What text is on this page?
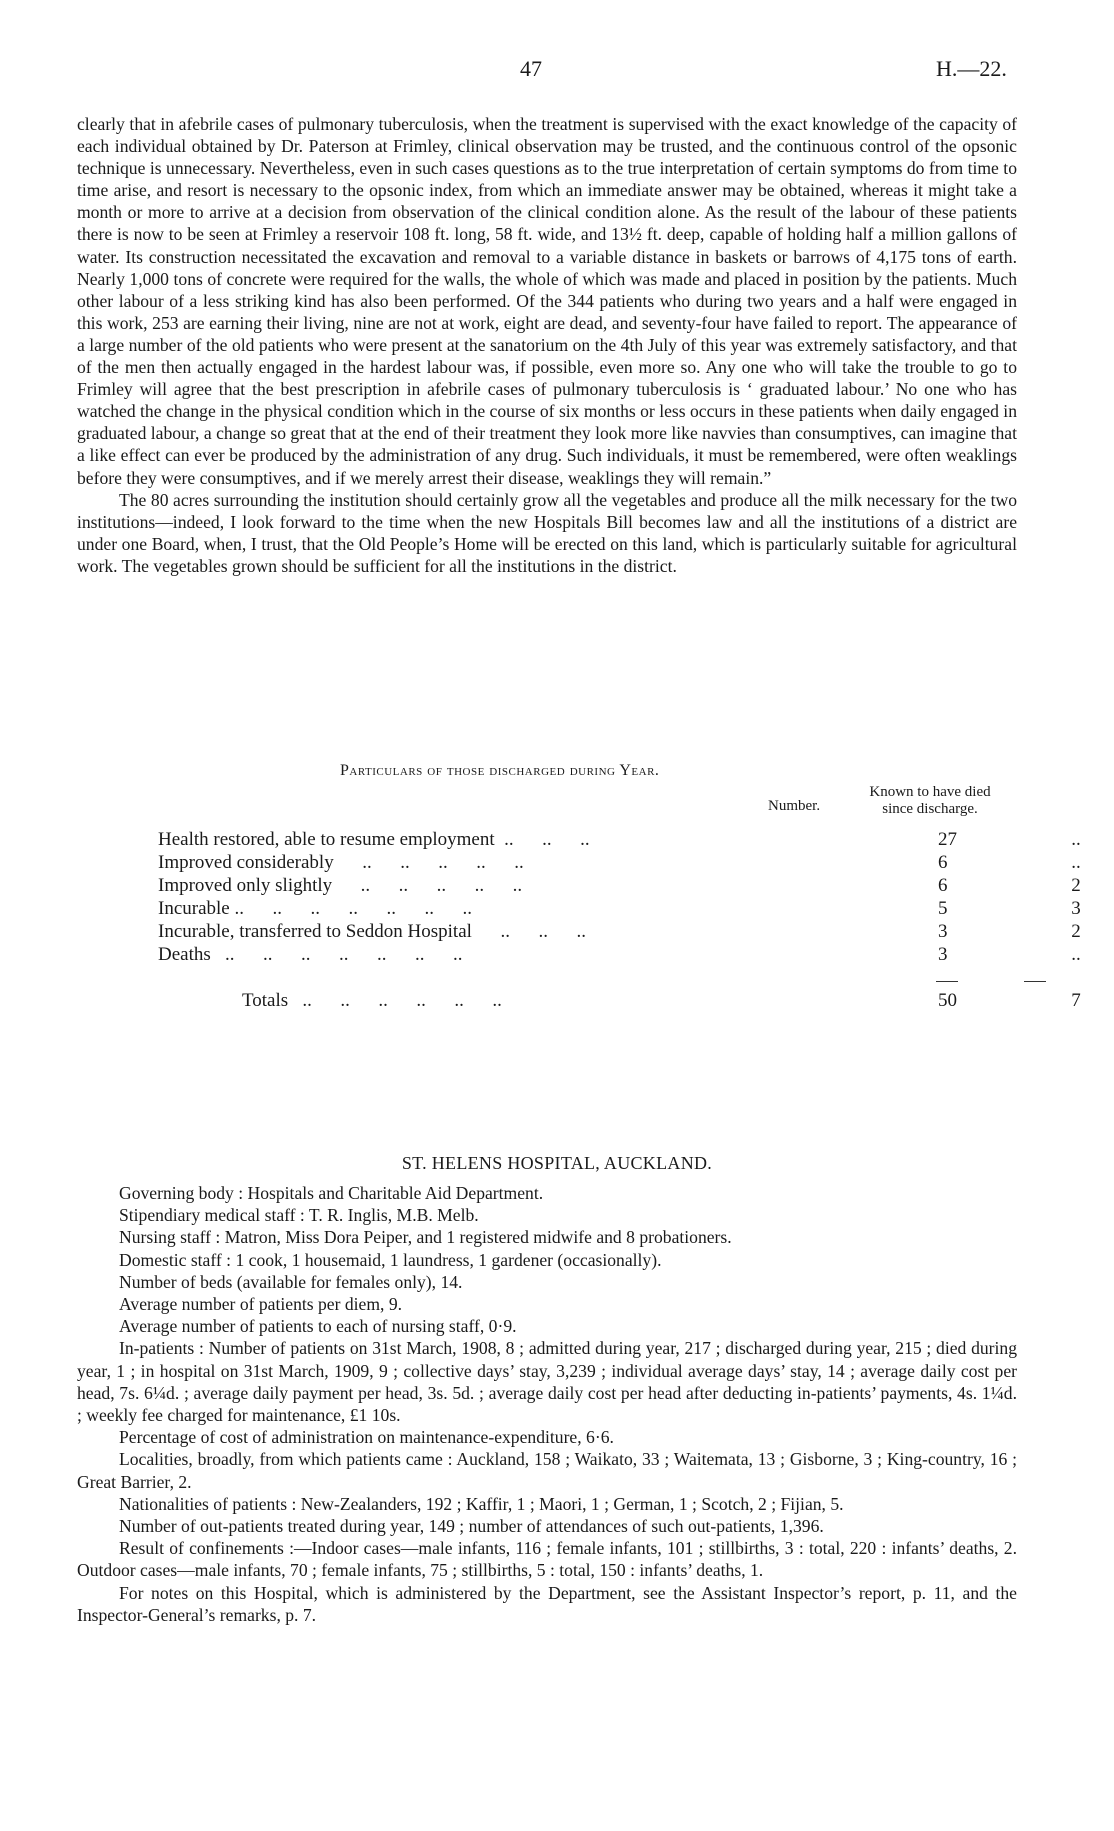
47	H.—22.

clearly that in afebrile cases of pulmonary tuberculosis, when the treatment is supervised with the exact knowledge of the capacity of each individual obtained by Dr. Paterson at Frimley, clinical observation may be trusted, and the continuous control of the opsonic technique is unnecessary. Nevertheless, even in such cases questions as to the true interpretation of certain symptoms do from time to time arise, and resort is necessary to the opsonic index, from which an immediate answer may be obtained, whereas it might take a month or more to arrive at a decision from observation of the clinical condition alone. As the result of the labour of these patients there is now to be seen at Frimley a reservoir 108 ft. long, 58 ft. wide, and 13½ ft. deep, capable of holding half a million gallons of water. Its construction necessitated the excavation and removal to a variable distance in baskets or barrows of 4,175 tons of earth. Nearly 1,000 tons of concrete were required for the walls, the whole of which was made and placed in position by the patients. Much other labour of a less striking kind has also been performed. Of the 344 patients who during two years and a half were engaged in this work, 253 are earning their living, nine are not at work, eight are dead, and seventy-four have failed to report. The appearance of a large number of the old patients who were present at the sanatorium on the 4th July of this year was extremely satisfactory, and that of the men then actually engaged in the hardest labour was, if possible, even more so. Any one who will take the trouble to go to Frimley will agree that the best prescription in afebrile cases of pulmonary tuberculosis is ‘ graduated labour.’ No one who has watched the change in the physical condition which in the course of six months or less occurs in these patients when daily engaged in graduated labour, a change so great that at the end of their treatment they look more like navvies than consumptives, can imagine that a like effect can ever be produced by the administration of any drug. Such individuals, it must be remembered, were often weaklings before they were consumptives, and if we merely arrest their disease, weaklings they will remain.”

The 80 acres surrounding the institution should certainly grow all the vegetables and produce all the milk necessary for the two institutions—indeed, I look forward to the time when the new Hospitals Bill becomes law and all the institutions of a district are under one Board, when, I trust, that the Old People’s Home will be erected on this land, which is particularly suitable for agricultural work. The vegetables grown should be sufficient for all the institutions in the district.

Particulars of those discharged during Year.
Number.
Known to have died since discharge.
Health restored, able to resume employment  ..      ..      ..	27	..
Improved considerably      ..      ..      ..      ..      ..	6	..
Improved only slightly      ..      ..      ..      ..      ..	6	2
Incurable ..      ..      ..      ..      ..      ..      ..	5	3
Incurable, transferred to Seddon Hospital      ..      ..      ..	3	2
Deaths   ..      ..      ..      ..      ..      ..      ..	3	..
Totals   ..      ..      ..      ..      ..      ..	50	7
ST. HELENS HOSPITAL, AUCKLAND.

Governing body : Hospitals and Charitable Aid Department.

Stipendiary medical staff : T. R. Inglis, M.B. Melb.

Nursing staff : Matron, Miss Dora Peiper, and 1 registered midwife and 8 probationers.

Domestic staff : 1 cook, 1 housemaid, 1 laundress, 1 gardener (occasionally).

Number of beds (available for females only), 14.

Average number of patients per diem, 9.

Average number of patients to each of nursing staff, 0·9.

In-patients : Number of patients on 31st March, 1908, 8 ; admitted during year, 217 ; discharged during year, 215 ; died during year, 1 ; in hospital on 31st March, 1909, 9 ; collective days’ stay, 3,239 ; individual average days’ stay, 14 ; average daily cost per head, 7s. 6¼d. ; average daily payment per head, 3s. 5d. ; average daily cost per head after deducting in-patients’ payments, 4s. 1¼d. ; weekly fee charged for maintenance, £1 10s.

Percentage of cost of administration on maintenance-expenditure, 6·6.

Localities, broadly, from which patients came : Auckland, 158 ; Waikato, 33 ; Waitemata, 13 ; Gisborne, 3 ; King-country, 16 ; Great Barrier, 2.

Nationalities of patients : New-Zealanders, 192 ; Kaffir, 1 ; Maori, 1 ; German, 1 ; Scotch, 2 ; Fijian, 5.

Number of out-patients treated during year, 149 ; number of attendances of such out-patients, 1,396.

Result of confinements :—Indoor cases—male infants, 116 ; female infants, 101 ; stillbirths, 3 : total, 220 : infants’ deaths, 2. Outdoor cases—male infants, 70 ; female infants, 75 ; stillbirths, 5 : total, 150 : infants’ deaths, 1.

For notes on this Hospital, which is administered by the Department, see the Assistant Inspector’s report, p. 11, and the Inspector-General’s remarks, p. 7.
